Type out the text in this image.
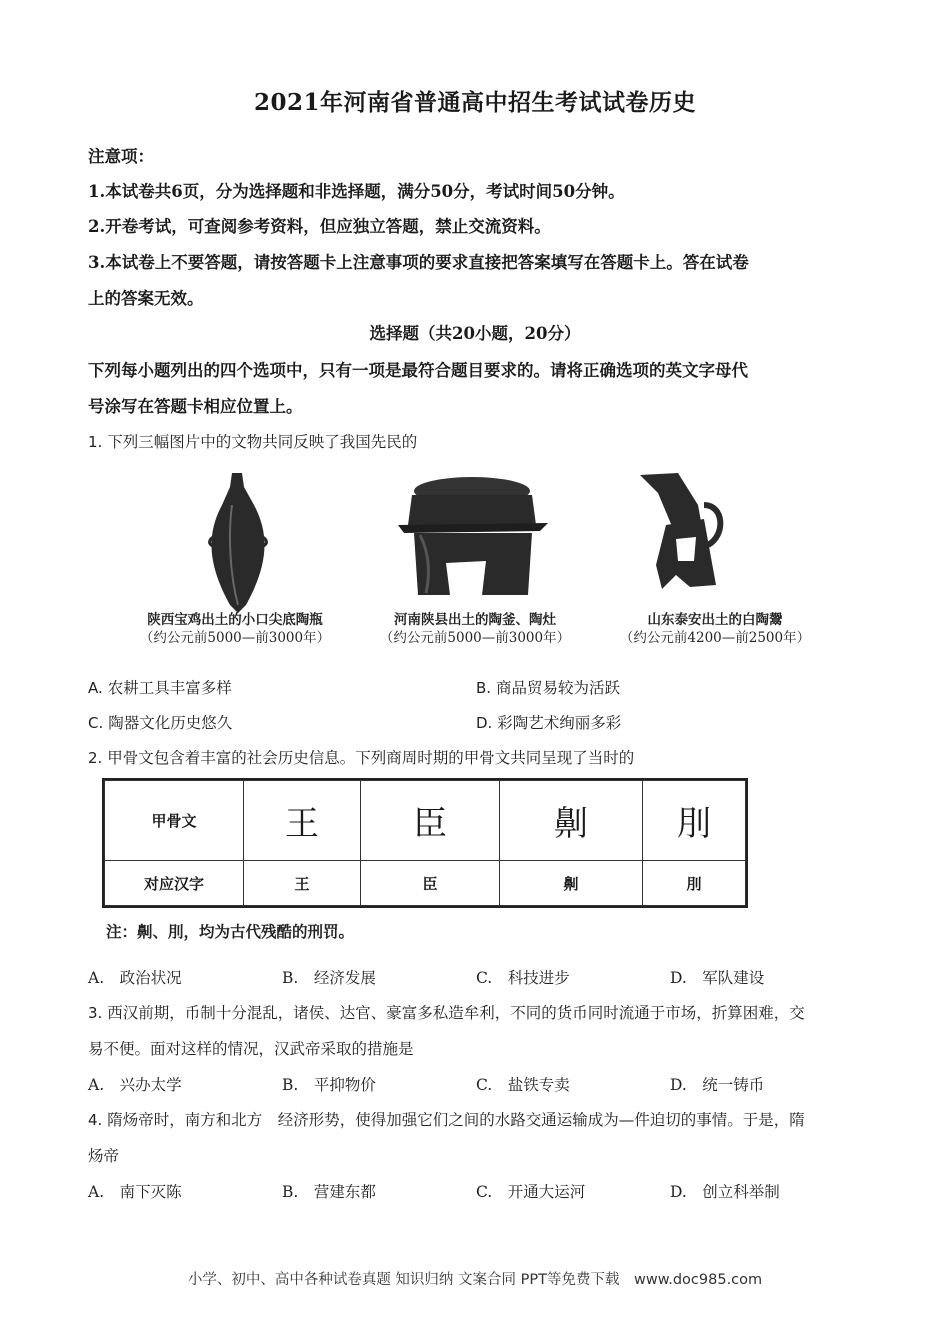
2021年河南省普通高中招生考试试卷历史
注意项：
1.本试卷共6页，分为选择题和非选择题，满分50分，考试时间50分钟。
2.开卷考试，可查阅参考资料，但应独立答题，禁止交流资料。
3.本试卷上不要答题，请按答题卡上注意事项的要求直接把答案填写在答题卡上。答在试卷
上的答案无效。
选择题（共20小题，20分）
下列每小题列出的四个选项中，只有一项是最符合题目要求的。请将正确选项的英文字母代
号涂写在答题卡相应位置上。
1. 下列三幅图片中的文物共同反映了我国先民的
陕西宝鸡出土的小口尖底陶瓶
（约公元前5000—前3000年）
河南陕县出土的陶釜、陶灶
（约公元前5000—前3000年）
山东泰安出土的白陶鬶
（约公元前4200—前2500年）
A. 农耕工具丰富多样	B. 商品贸易较为活跃
C. 陶器文化历史悠久	D. 彩陶艺术绚丽多彩
2. 甲骨文包含着丰富的社会历史信息。下列商周时期的甲骨文共同呈现了当时的
甲骨文	王	臣	劓	刖
对应汉字	王	臣	劓	刖
注：劓、刖，均为古代残酷的刑罚。
A.　政治状况	B.　经济发展	C.　科技进步	D.　军队建设
3. 西汉前期，币制十分混乱，诸侯、达官、豪富多私造牟利，不同的货币同时流通于市场，折算困难，交
易不便。面对这样的情况，汉武帝采取的措施是
A.　兴办太学	B.　平抑物价	C.　盐铁专卖	D.　统一铸币
4. 隋炀帝时，南方和北方　经济形势，使得加强它们之间的水路交通运输成为—件迫切的事情。于是，隋
炀帝
A.　南下灭陈	B.　营建东都	C.　开通大运河	D.　创立科举制
小学、初中、高中各种试卷真题 知识归纳 文案合同 PPT等免费下载　www.doc985.com
